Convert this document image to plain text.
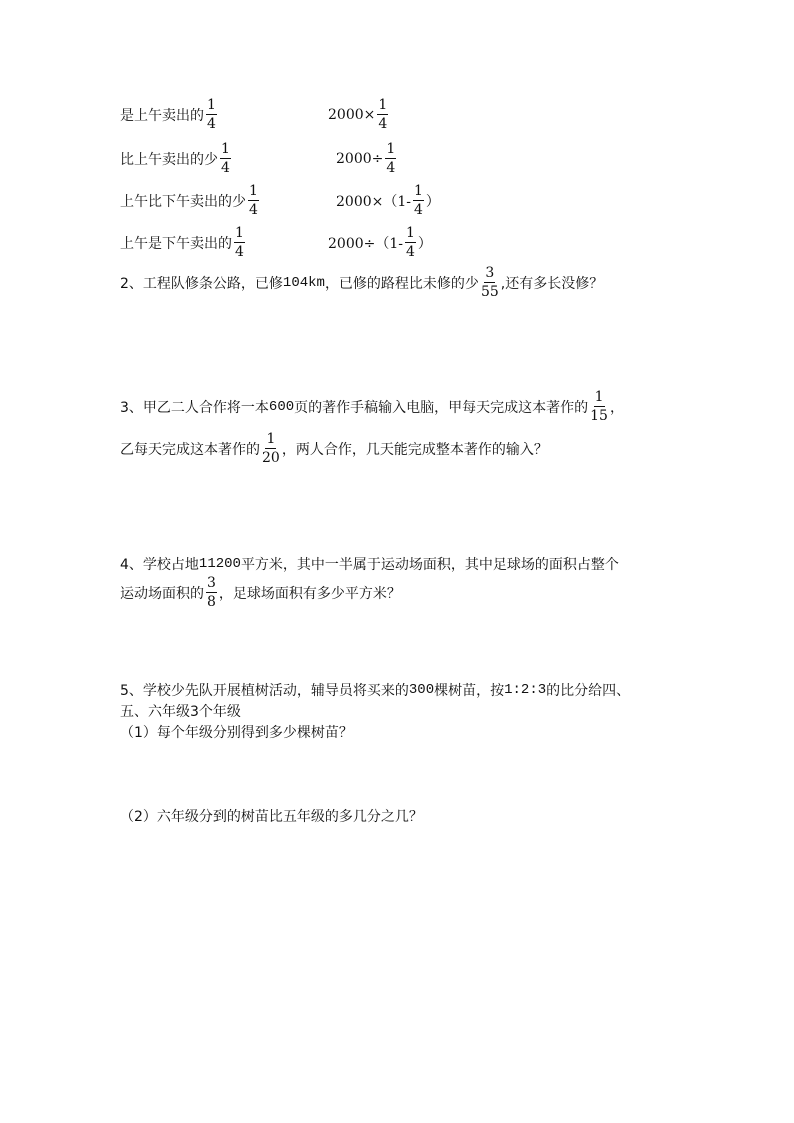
是上午卖出的 $\frac{1}{4}$	$2000\times \frac{1}{4}$
比上午卖出的少 $\frac{1}{4}$	$2000\div \frac{1}{4}$
上午比下午卖出的少 $\frac{1}{4}$	$2000\times(1- \frac{1}{4}$ ）
上午是下午卖出的 $\frac{1}{4}$	$2000\div(1- \frac{1}{4}$ ）
2、工程队修条公路，已修 104km ，已修的路程比未修的少 $\frac{3}{55}$ ,还有多长没修？
3、甲乙二人合作将一本 600 页的著作手稿输入电脑，甲每天完成这本著作的 $\frac{1}{15}$ ，
乙每天完成这本著作的 $\frac{1}{20}$ ，两人合作，几天能完成整本著作的输入？
4、学校占地 11200 平方米，其中一半属于运动场面积，其中足球场的面积占整个
运动场面积的 $\frac{3}{8}$ ，足球场面积有多少平方米？
5、学校少先队开展植树活动，辅导员将买来的 300 棵树苗，按 1:2:3 的比分给四、
五、六年级3个年级
（1）每个年级分别得到多少棵树苗？
（2）六年级分到的树苗比五年级的多几分之几？
